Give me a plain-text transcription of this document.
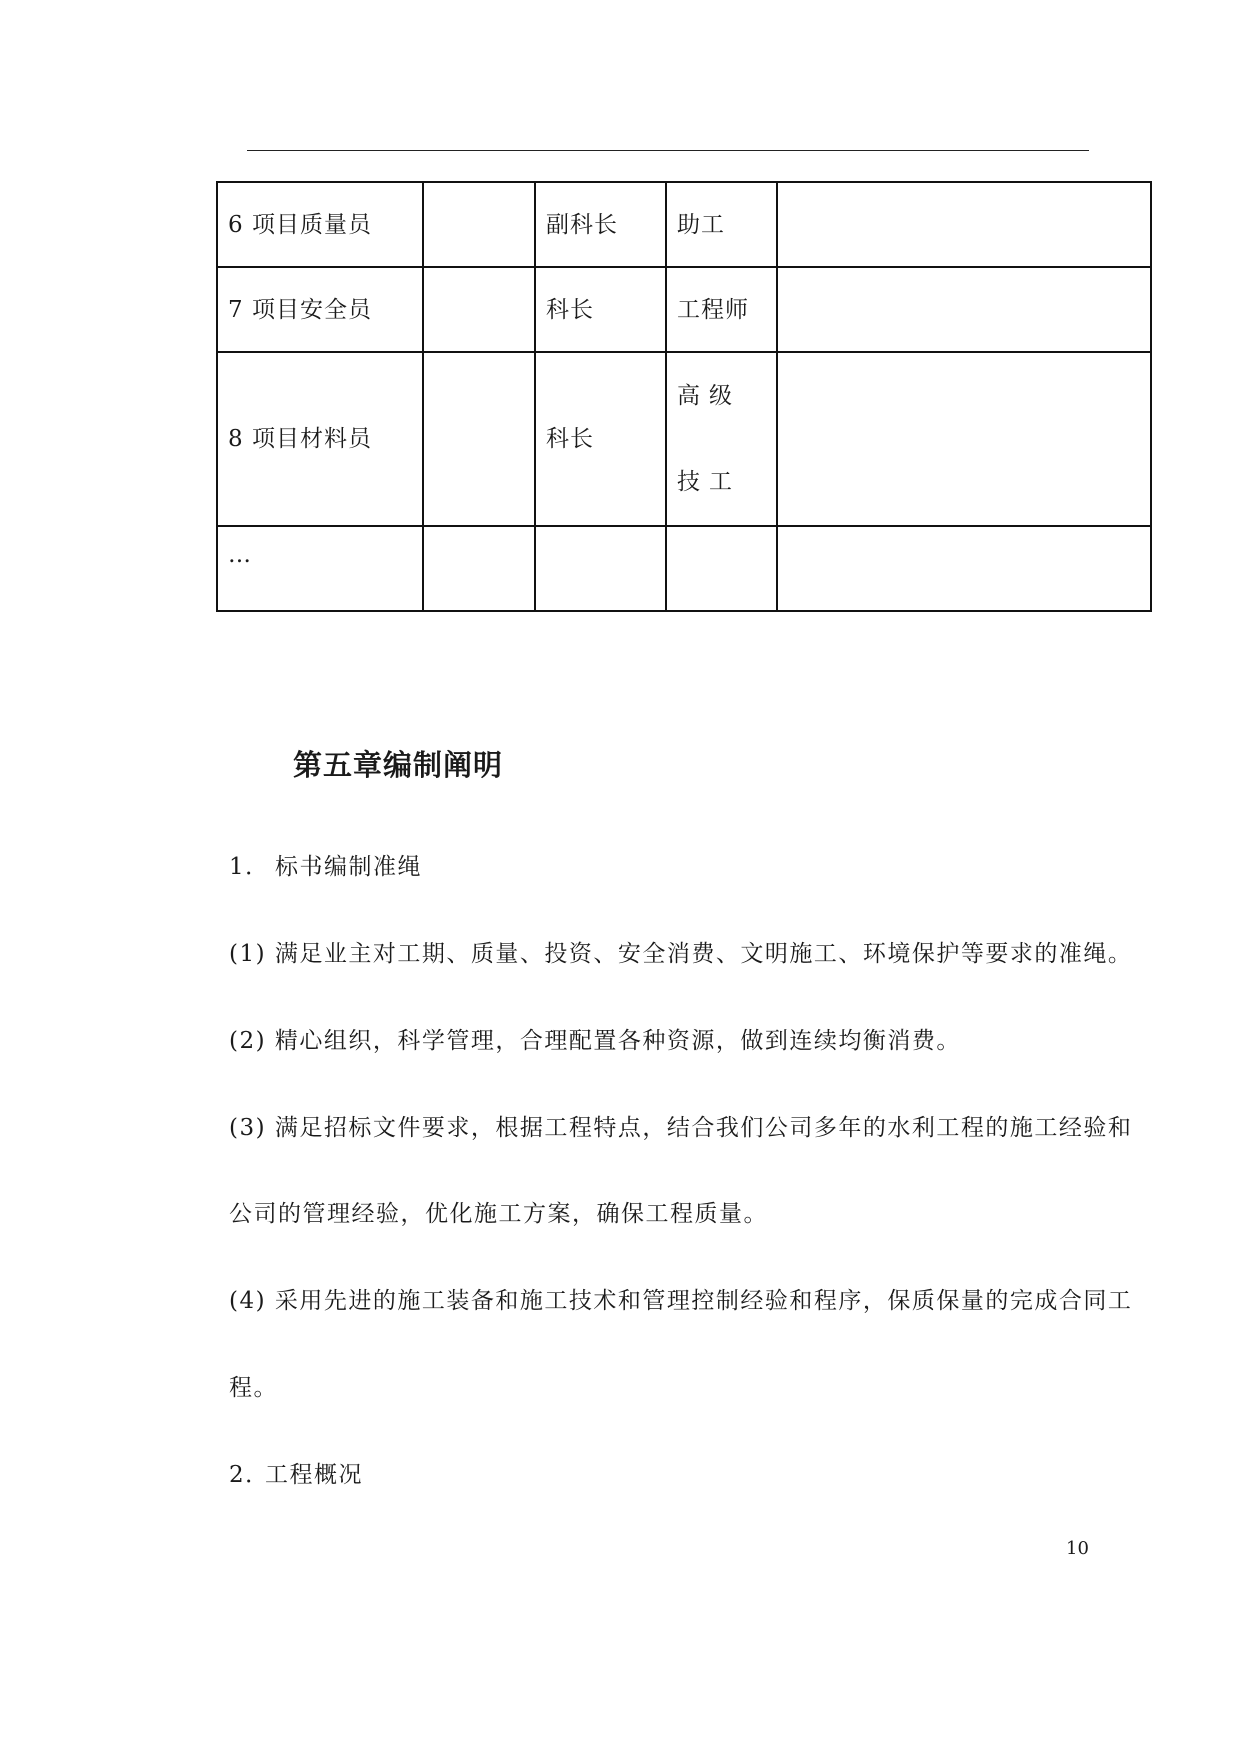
6 项目质量员		副科长	助工	
7 项目安全员		科长	工程师	
8 项目材料员		科长	高级技工	
…				
第五章编制阐明

1． 标书编制准绳

(1) 满足业主对工期、质量、投资、安全消费、文明施工、环境保护等要求的准绳。

(2) 精心组织，科学管理，合理配置各种资源，做到连续均衡消费。

(3) 满足招标文件要求，根据工程特点，结合我们公司多年的水利工程的施工经验和

公司的管理经验，优化施工方案，确保工程质量。

(4) 采用先进的施工装备和施工技术和管理控制经验和程序，保质保量的完成合同工

程。

2．工程概况

10
